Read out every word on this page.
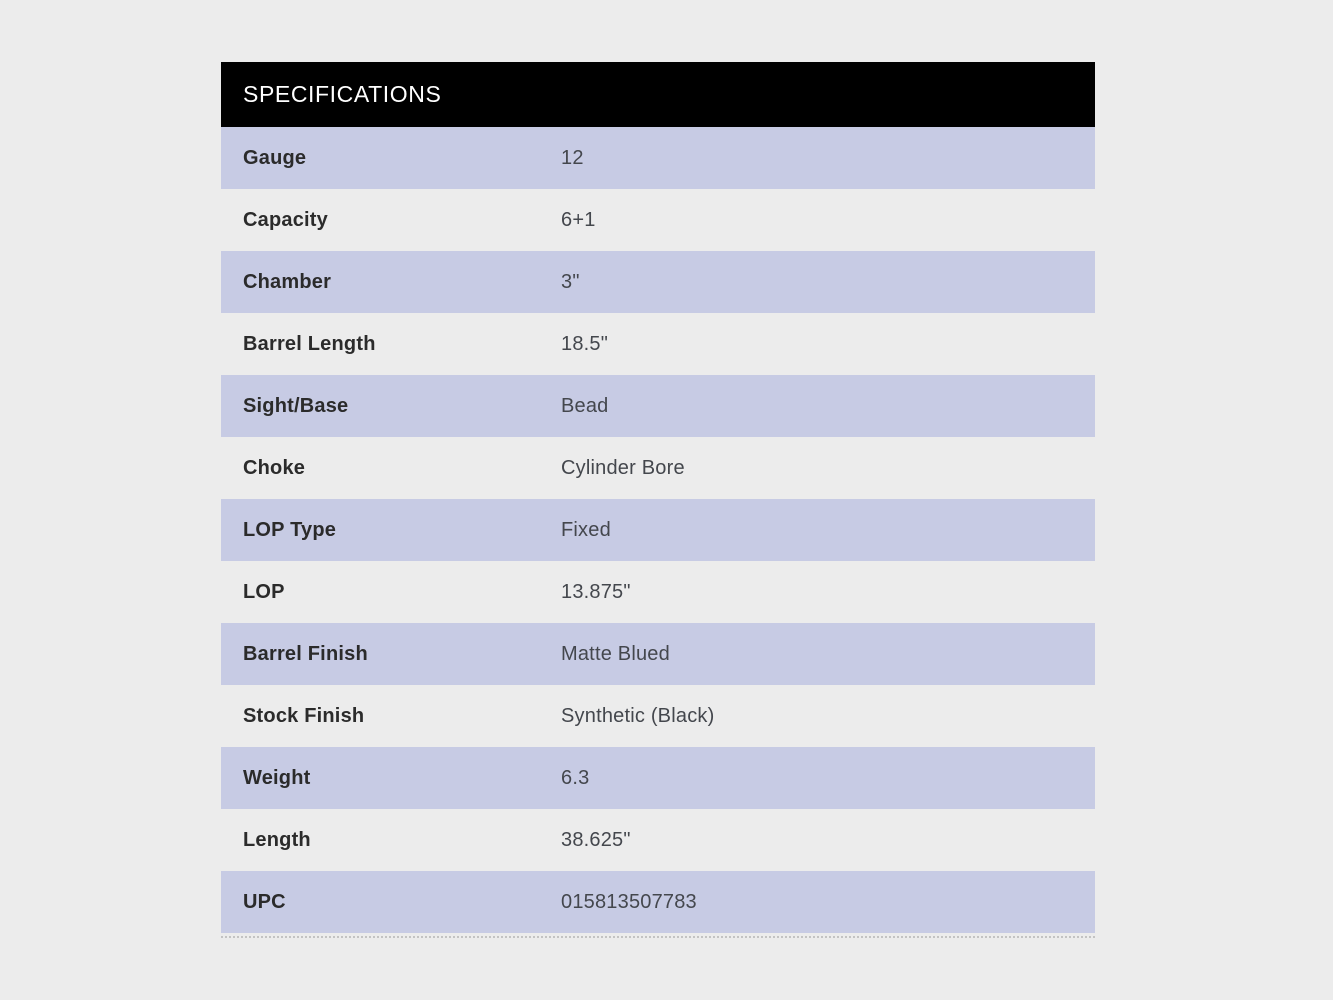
SPECIFICATIONS
Gauge	12
Capacity	6+1
Chamber	3"
Barrel Length	18.5"
Sight/Base	Bead
Choke	Cylinder Bore
LOP Type	Fixed
LOP	13.875"
Barrel Finish	Matte Blued
Stock Finish	Synthetic (Black)
Weight	6.3
Length	38.625"
UPC	015813507783
